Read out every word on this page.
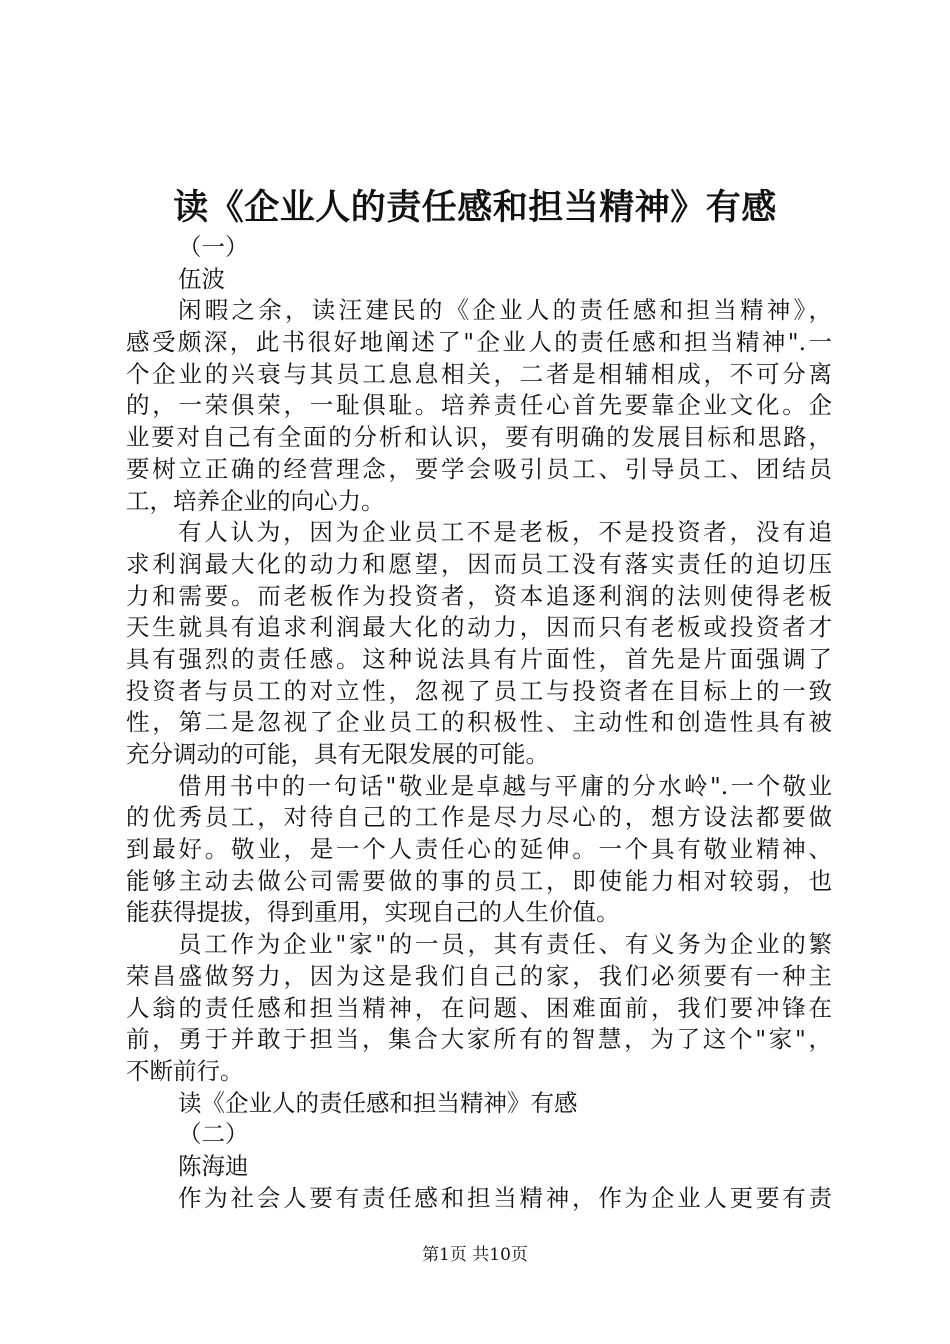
读《企业人的责任感和担当精神》有感
（一）
伍波
闲暇之余，读汪建民的《企业人的责任感和担当精神》，
感受颇深，此书很好地阐述了"企业人的责任感和担当精神".一
个企业的兴衰与其员工息息相关，二者是相辅相成，不可分离
的，一荣俱荣，一耻俱耻。培养责任心首先要靠企业文化。企
业要对自己有全面的分析和认识，要有明确的发展目标和思路，
要树立正确的经营理念，要学会吸引员工、引导员工、团结员
工，培养企业的向心力。
有人认为，因为企业员工不是老板，不是投资者，没有追
求利润最大化的动力和愿望，因而员工没有落实责任的迫切压
力和需要。而老板作为投资者，资本追逐利润的法则使得老板
天生就具有追求利润最大化的动力，因而只有老板或投资者才
具有强烈的责任感。这种说法具有片面性，首先是片面强调了
投资者与员工的对立性，忽视了员工与投资者在目标上的一致
性，第二是忽视了企业员工的积极性、主动性和创造性具有被
充分调动的可能，具有无限发展的可能。
借用书中的一句话"敬业是卓越与平庸的分水岭".一个敬业
的优秀员工，对待自己的工作是尽力尽心的，想方设法都要做
到最好。敬业，是一个人责任心的延伸。一个具有敬业精神、
能够主动去做公司需要做的事的员工，即使能力相对较弱，也
能获得提拔，得到重用，实现自己的人生价值。
员工作为企业"家"的一员，其有责任、有义务为企业的繁
荣昌盛做努力，因为这是我们自己的家，我们必须要有一种主
人翁的责任感和担当精神，在问题、困难面前，我们要冲锋在
前，勇于并敢于担当，集合大家所有的智慧，为了这个"家"，
不断前行。
读《企业人的责任感和担当精神》有感
（二）
陈海迪
作为社会人要有责任感和担当精神，作为企业人更要有责
第1页 共10页
